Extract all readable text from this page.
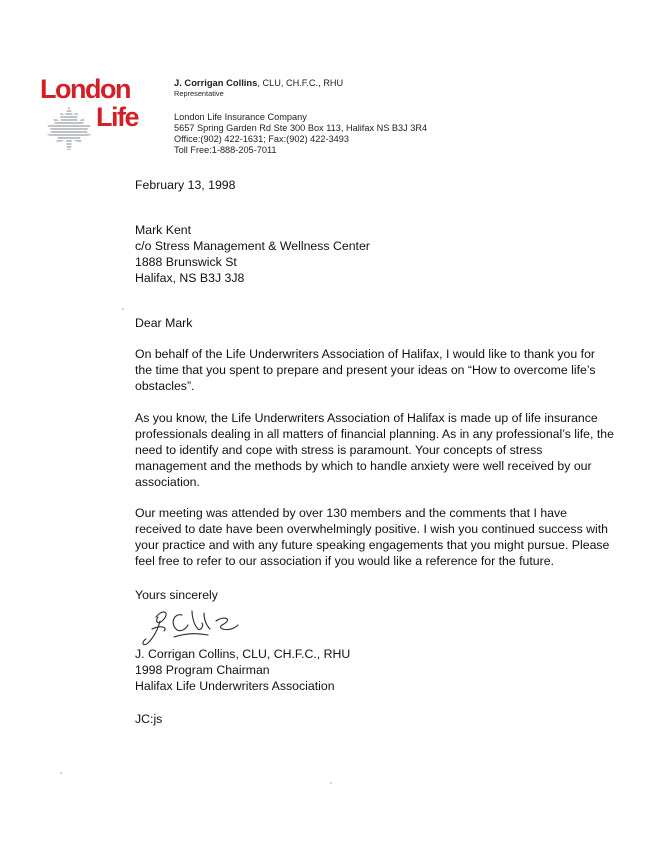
London
Life
J. Corrigan Collins, CLU, CH.F.C., RHU
Representative
London Life Insurance Company
5657 Spring Garden Rd Ste 300 Box 113, Halifax NS B3J 3R4
Office:(902) 422-1631; Fax:(902) 422-3493
Toll Free:1-888-205-7011
February 13, 1998
Mark Kent
c/o Stress Management & Wellness Center
1888 Brunswick St
Halifax, NS B3J 3J8
Dear Mark

On behalf of the Life Underwriters Association of Halifax, I would like to thank you for the time that you spent to prepare and present your ideas on “How to overcome life’s obstacles”.

As you know, the Life Underwriters Association of Halifax is made up of life insurance professionals dealing in all matters of financial planning. As in any professional’s life, the need to identify and cope with stress is paramount. Your concepts of stress management and the methods by which to handle anxiety were well received by our association.

Our meeting was attended by over 130 members and the comments that I have received to date have been overwhelmingly positive. I wish you continued success with your practice and with any future speaking engagements that you might pursue. Please feel free to refer to our association if you would like a reference for the future.

Yours sincerely
J. Corrigan Collins, CLU, CH.F.C., RHU
1998 Program Chairman
Halifax Life Underwriters Association
JC:js
